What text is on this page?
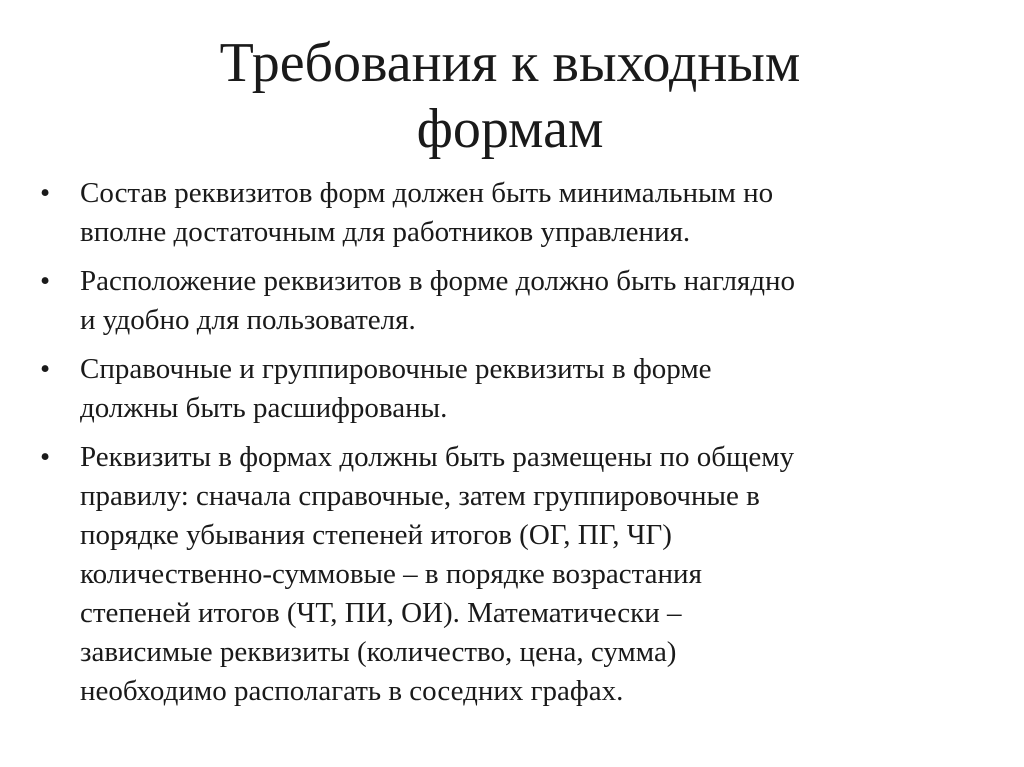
Требования к выходным
формам
•	Состав реквизитов форм должен быть минимальным но
вполне достаточным для работников управления.
•	Расположение реквизитов в форме должно быть наглядно
и удобно для пользователя.
•	Справочные и группировочные реквизиты в форме
должны быть расшифрованы.
•	Реквизиты в формах должны быть размещены по общему
правилу: сначала справочные, затем группировочные в
порядке убывания степеней итогов (ОГ, ПГ, ЧГ)
количественно-суммовые – в порядке возрастания
степеней итогов (ЧТ, ПИ, ОИ). Математически –
зависимые реквизиты (количество, цена, сумма)
необходимо располагать в соседних графах.
